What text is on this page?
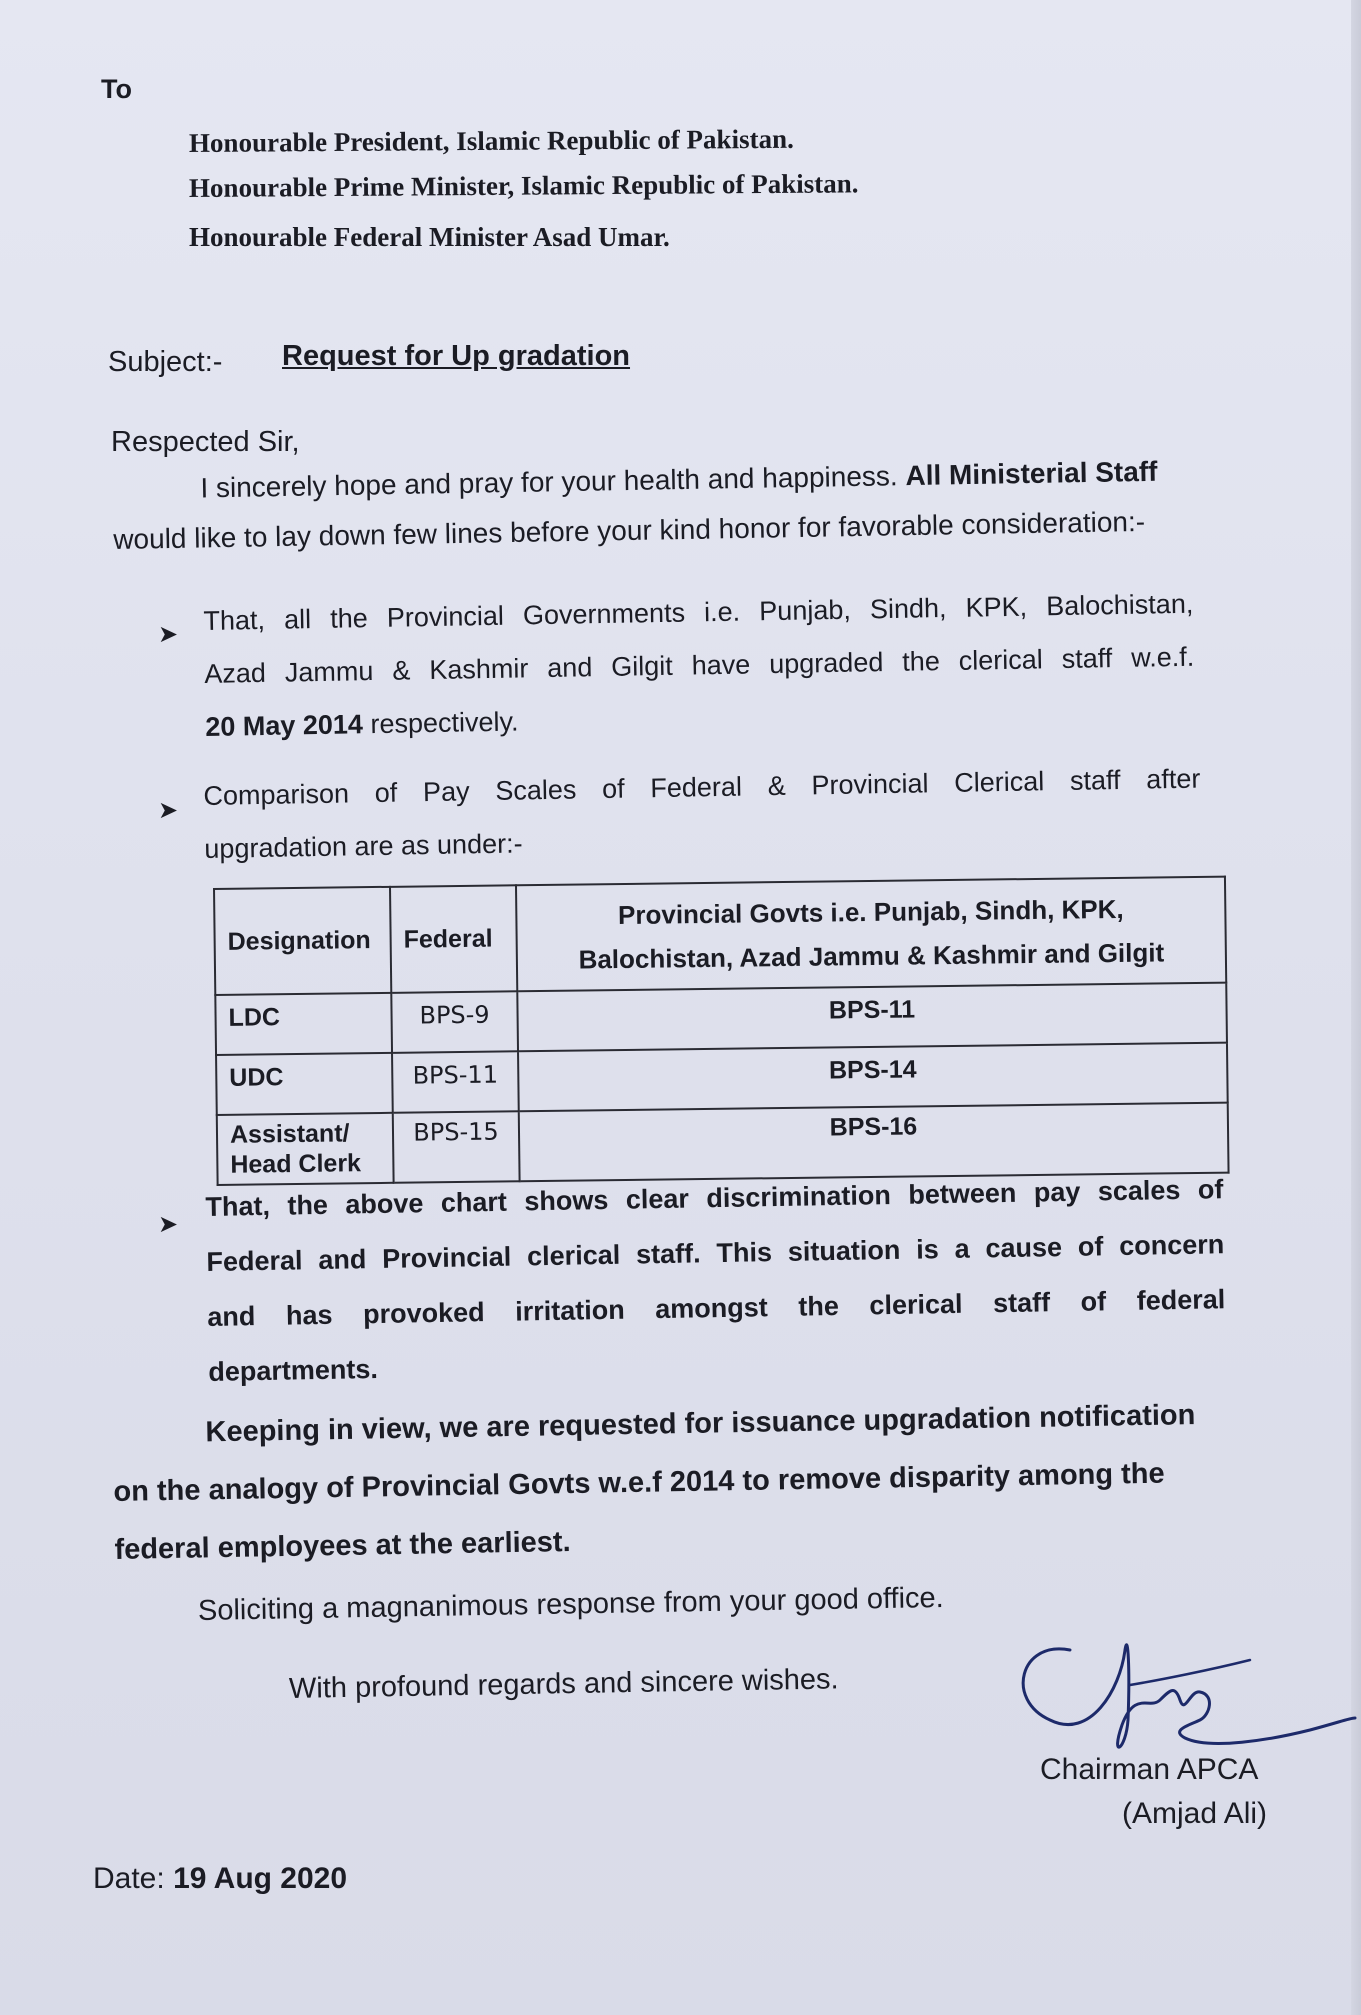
To
Honourable President, Islamic Republic of Pakistan.
Honourable Prime Minister, Islamic Republic of Pakistan.
Honourable Federal Minister Asad Umar.
Subject:- Request for Up gradation
Respected Sir,
I sincerely hope and pray for your health and happiness. All Ministerial Staff
would like to lay down few lines before your kind honor for favorable consideration:-
➤ That, all the Provincial Governments i.e. Punjab, Sindh, KPK, Balochistan,
Azad Jammu & Kashmir and Gilgit have upgraded the clerical staff w.e.f.
20 May 2014 respectively.
➤ Comparison of Pay Scales of Federal & Provincial Clerical staff after
upgradation are as under:-
Designation	Federal	Provincial Govts i.e. Punjab, Sindh, KPK,
Balochistan, Azad Jammu & Kashmir and Gilgit
LDC	BPS-9	BPS-11
UDC	BPS-11	BPS-14
Assistant/
Head Clerk	BPS-15	BPS-16
➤
That, the above chart shows clear discrimination between pay scales of
Federal and Provincial clerical staff. This situation is a cause of concern
and has provoked irritation amongst the clerical staff of federal
departments.
Keeping in view, we are requested for issuance upgradation notification
on the analogy of Provincial Govts w.e.f 2014 to remove disparity among the
federal employees at the earliest.
Soliciting a magnanimous response from your good office.
With profound regards and sincere wishes.
Chairman APCA
(Amjad Ali)
Date: 19 Aug 2020
